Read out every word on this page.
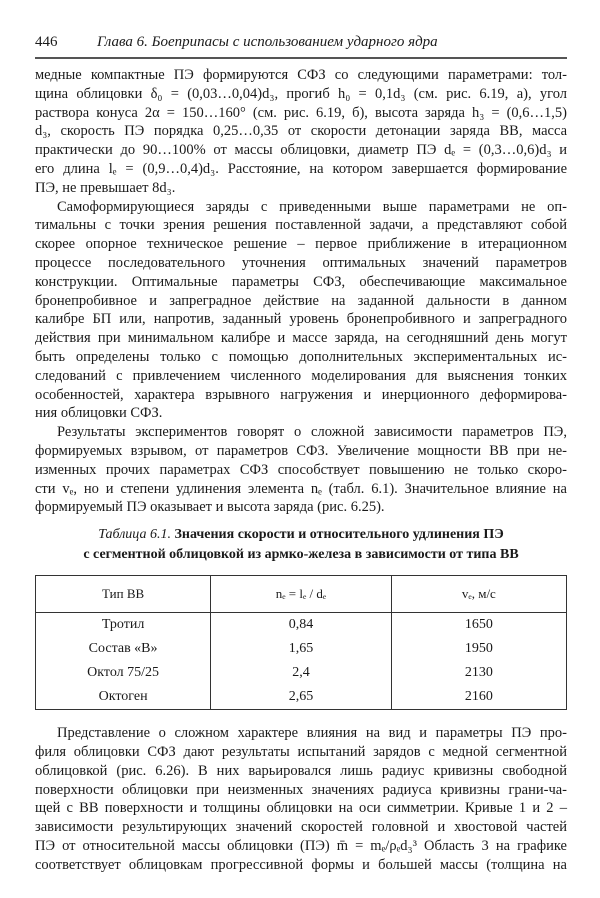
446	Глава 6. Боеприпасы с использованием ударного ядра
медные компактные ПЭ формируются СФЗ со следующими параметрами: тол-
щина облицовки δ₀ = (0,03…0,04)d₃, прогиб h₀ = 0,1d₃ (см. рис. 6.19, а), угол
раствора конуса 2α = 150…160° (см. рис. 6.19, б), высота заряда h₃ = (0,6…1,5)
d₃, скорость ПЭ порядка 0,25…0,35 от скорости детонации заряда ВВ, масса
практически до 90…100% от массы облицовки, диаметр ПЭ dₑ = (0,3…0,6)d₃ и
его длина lₑ = (0,9…0,4)d₃. Расстояние, на котором завершается формирование
ПЭ, не превышает 8d₃.
Самоформирующиеся заряды с приведенными выше параметрами не оп-
тимальны с точки зрения решения поставленной задачи, а представляют собой
скорее опорное техническое решение – первое приближение в итерационном
процессе последовательного уточнения оптимальных значений параметров
конструкции. Оптимальные параметры СФЗ, обеспечивающие максимальное
бронепробивное и запреградное действие на заданной дальности в данном
калибре БП или, напротив, заданный уровень бронепробивного и запреградного
действия при минимальном калибре и массе заряда, на сегодняшний день могут
быть определены только с помощью дополнительных экспериментальных ис-
следований с привлечением численного моделирования для выяснения тонких
особенностей, характера взрывного нагружения и инерционного деформирова-
ния облицовки СФЗ.
Результаты экспериментов говорят о сложной зависимости параметров ПЭ,
формируемых взрывом, от параметров СФЗ. Увеличение мощности ВВ при не-
изменных прочих параметрах СФЗ способствует повышению не только скоро-
сти vₑ, но и степени удлинения элемента nₑ (табл. 6.1). Значительное влияние на
формируемый ПЭ оказывает и высота заряда (рис. 6.25).
Таблица 6.1. Значения скорости и относительного удлинения ПЭ
с сегментной облицовкой из армко-железа в зависимости от типа ВВ
Тип ВВ	nₑ = lₑ / dₑ	vₑ, м/с
Тротил	0,84	1650
Состав «В»	1,65	1950
Октол 75/25	2,4	2130
Октоген	2,65	2160
Представление о сложном характере влияния на вид и параметры ПЭ про-
филя облицовки СФЗ дают результаты испытаний зарядов с медной сегментной
облицовкой (рис. 6.26). В них варьировался лишь радиус кривизны свободной
поверхности облицовки при неизменных значениях радиуса кривизны грани-ча-
щей с ВВ поверхности и толщины облицовки на оси симметрии. Кривые 1 и 2 –
зависимости результирующих значений скоростей головной и хвостовой частей
ПЭ от относительной массы облицовки (ПЭ) m̄ = mₑ/ρₑd₃³ Область 3 на графике
соответствует облицовкам прогрессивной формы и большей массы (толщина на
